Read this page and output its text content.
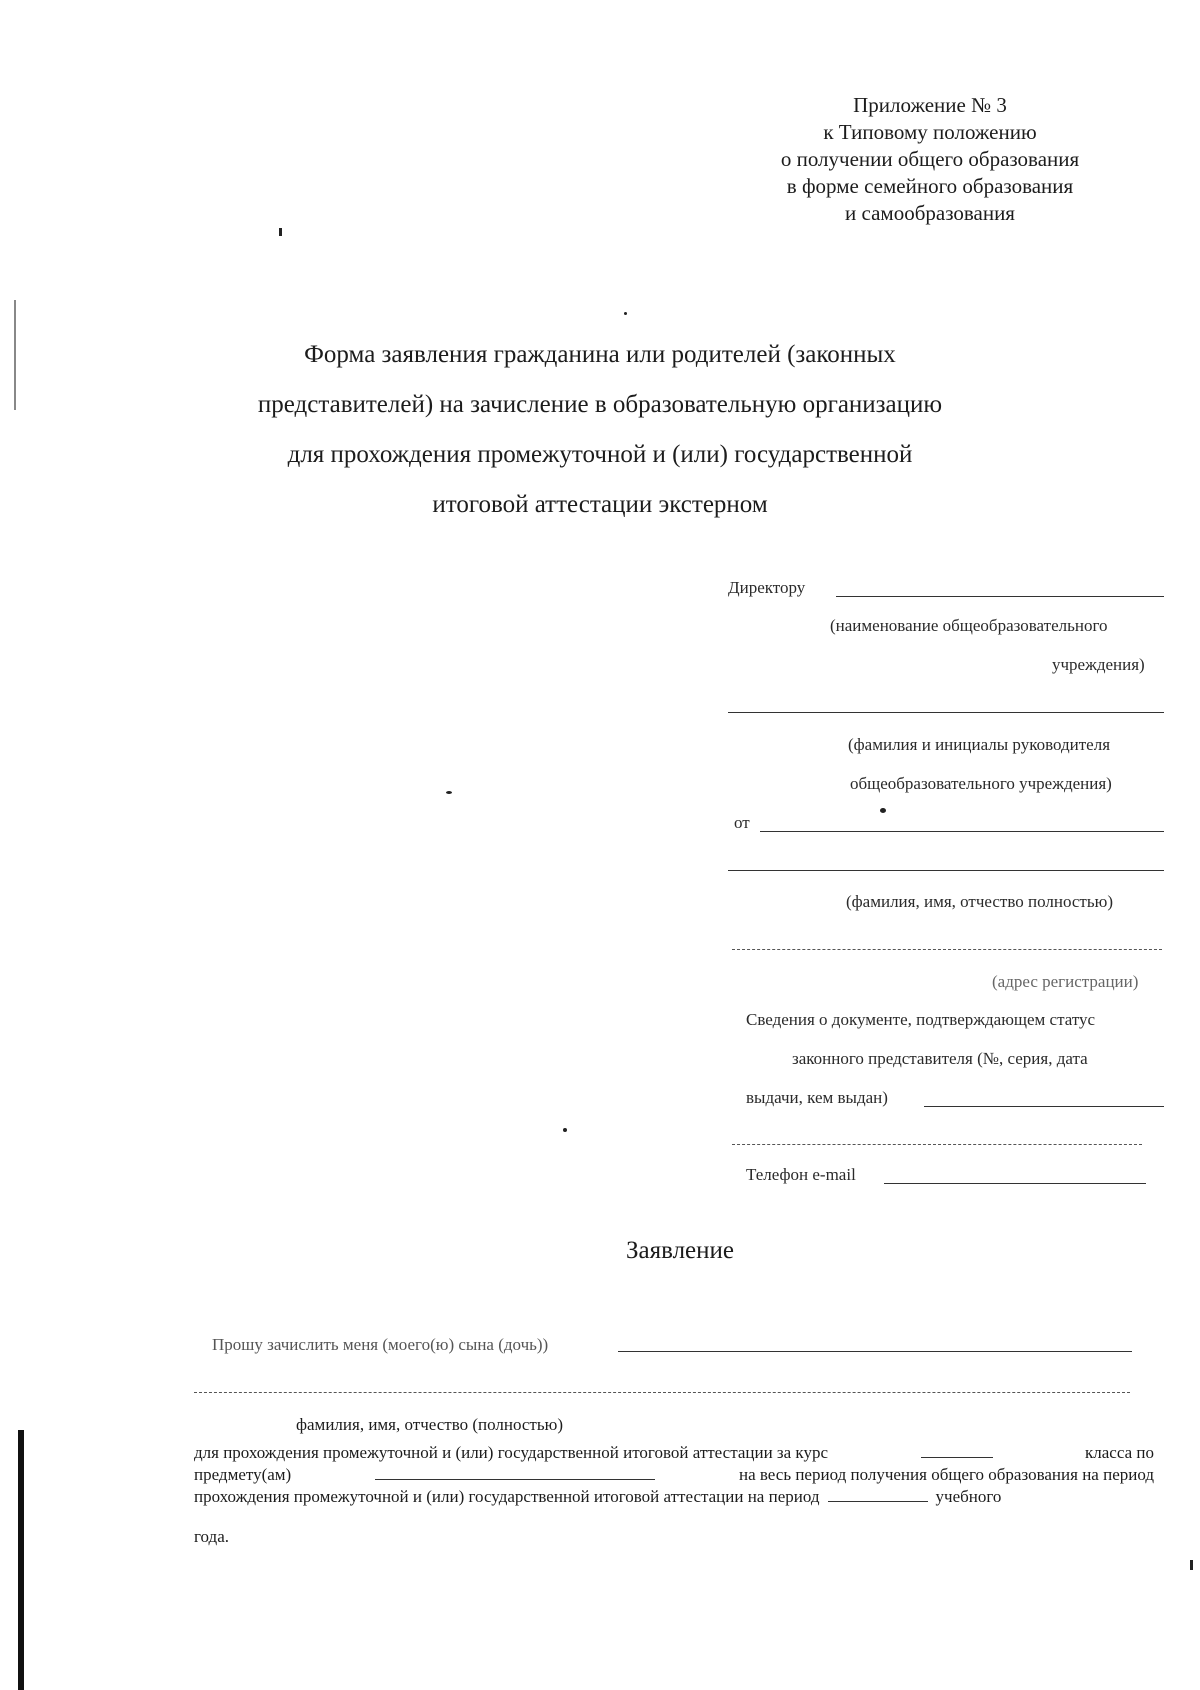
Приложение № 3
к Типовому положению
о получении общего образования
в форме семейного образования
и самообразования
Форма заявления гражданина или родителей (законных
представителей) на зачисление в образовательную организацию
для прохождения промежуточной и (или) государственной
итоговой аттестации экстерном
Директору
(наименование общеобразовательного
учреждения)
(фамилия и инициалы руководителя
общеобразовательного учреждения)
от
(фамилия, имя, отчество полностью)
(адрес регистрации)
Сведения о документе, подтверждающем статус
законного представителя (№, серия, дата
выдачи, кем выдан)
Телефон e-mail
Заявление
Прошу зачислить меня (моего(ю) сына (дочь))
фамилия, имя, отчество (полностью)
для прохождения промежуточной и (или) государственной итоговой аттестации за курс	класса по
предмету(ам)	на весь период получения общего образования на период
прохождения промежуточной и (или) государственной итоговой аттестации на период	учебного
года.
